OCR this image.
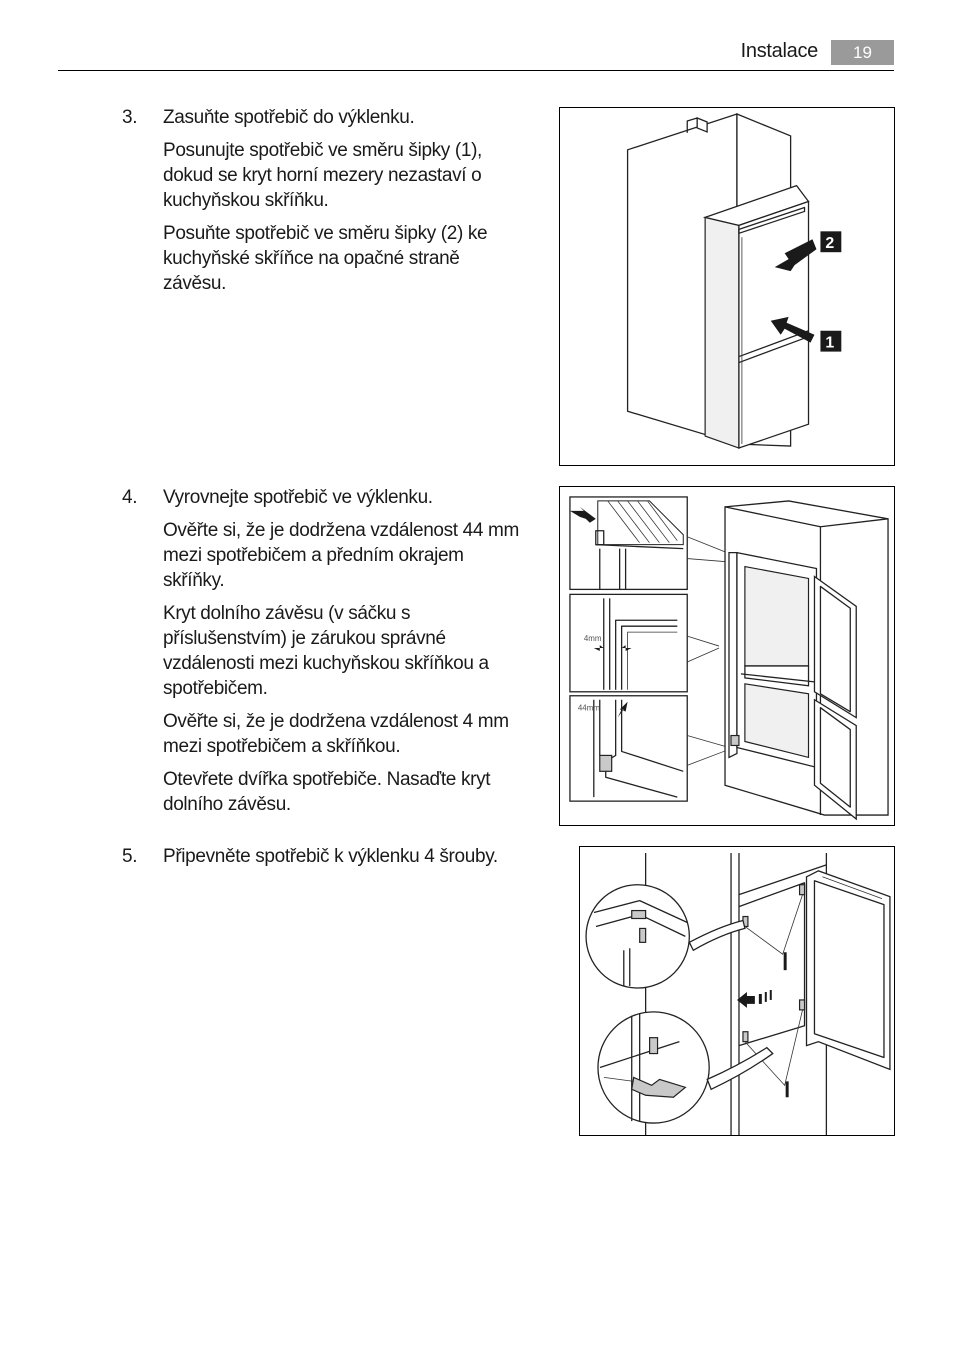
Instalace	19
3. Zasuňte spotřebič do výklenku.

Posunujte spotřebič ve směru šipky (1), dokud se kryt horní mezery nezastaví o kuchyňskou skříňku.

Posuňte spotřebič ve směru šipky (2) ke kuchyňské skříňce na opačné straně závěsu.

4. Vyrovnejte spotřebič ve výklenku.

Ověřte si, že je dodržena vzdálenost 44 mm mezi spotřebičem a předním okrajem skříňky.

Kryt dolního závěsu (v sáčku s příslušenstvím) je zárukou správné vzdálenosti mezi kuchyňskou skříňkou a spotřebičem.

Ověřte si, že je dodržena vzdálenost 4 mm mezi spotřebičem a skříňkou.

Otevřete dvířka spotřebiče. Nasaďte kryt dolního závěsu.

5. Připevněte spotřebič k výklenku 4 šrouby.

2
1
4mm
44mm
